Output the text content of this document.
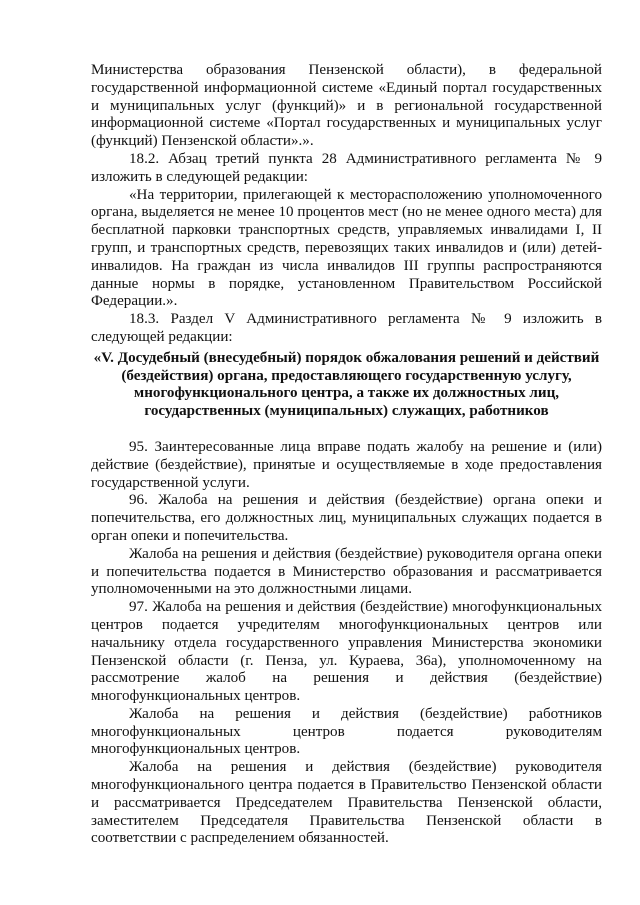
Министерства образования Пензенской области), в федеральной государственной информационной системе «Единый портал государственных и муниципальных услуг (функций)» и в региональной государственной информационной системе «Портал государственных и муниципальных услуг (функций) Пензенской области».».

18.2. Абзац третий пункта 28 Административного регламента № 9 изложить в следующей редакции:

«На территории, прилегающей к месторасположению уполномоченного органа, выделяется не менее 10 процентов мест (но не менее одного места) для бесплатной парковки транспортных средств, управляемых инвалидами I, II групп, и транспортных средств, перевозящих таких инвалидов и (или) детей-инвалидов. На граждан из числа инвалидов III группы распространяются данные нормы в порядке, установленном Правительством Российской Федерации.».

18.3. Раздел V Административного регламента № 9 изложить в следующей редакции:

«V. Досудебный (внесудебный) порядок обжалования решений и действий (бездействия) органа, предоставляющего государственную услугу, многофункционального центра, а также их должностных лиц, государственных (муниципальных) служащих, работников

95. Заинтересованные лица вправе подать жалобу на решение и (или) действие (бездействие), принятые и осуществляемые в ходе предоставления государственной услуги.

96. Жалоба на решения и действия (бездействие) органа опеки и попечительства, его должностных лиц, муниципальных служащих подается в орган опеки и попечительства.

Жалоба на решения и действия (бездействие) руководителя органа опеки и попечительства подается в Министерство образования и рассматривается уполномоченными на это должностными лицами.

97. Жалоба на решения и действия (бездействие) многофункциональных центров подается учредителям многофункциональных центров или начальнику отдела государственного управления Министерства экономики Пензенской области (г. Пенза, ул. Кураева, 36а), уполномоченному на рассмотрение жалоб на решения и действия (бездействие) многофункциональных центров.

Жалоба на решения и действия (бездействие) работников многофункциональных центров подается руководителям многофункциональных центров.

Жалоба на решения и действия (бездействие) руководителя многофункционального центра подается в Правительство Пензенской области и рассматривается Председателем Правительства Пензенской области, заместителем Председателя Правительства Пензенской области в соответствии с распределением обязанностей.
